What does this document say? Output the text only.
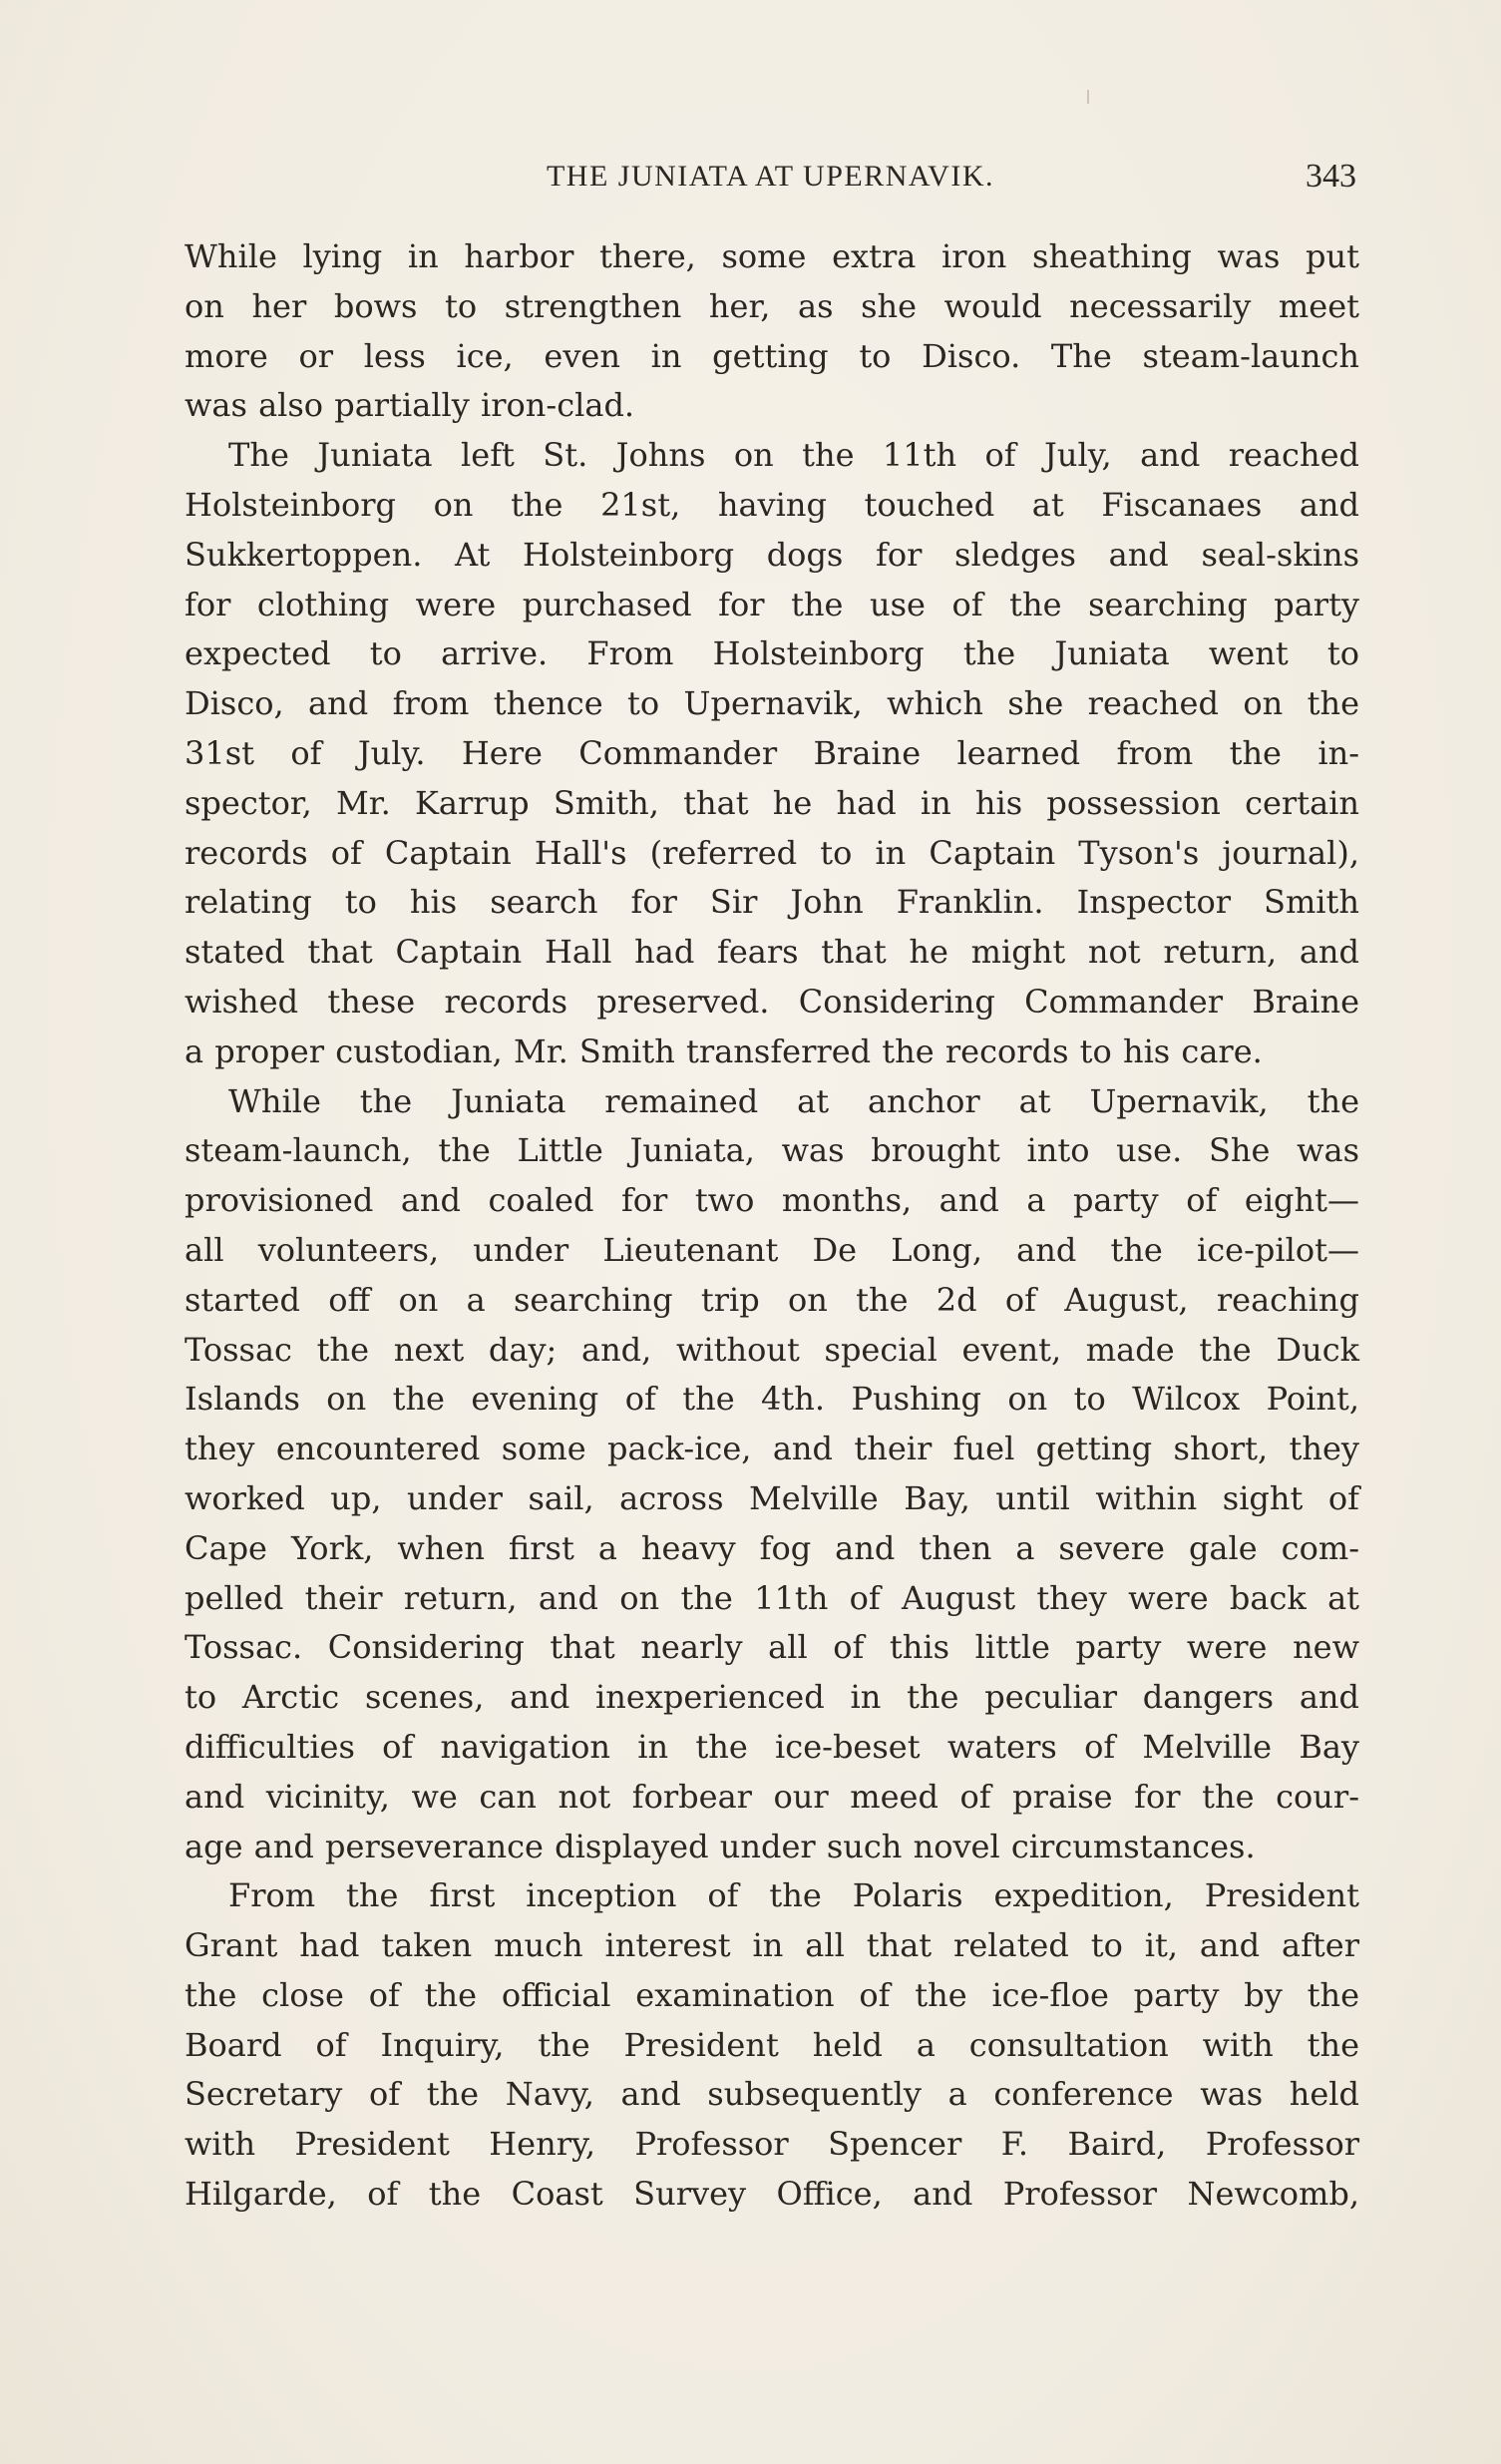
THE JUNIATA AT UPERNAVIK.	343
While lying in harbor there, some extra iron sheathing was put
on her bows to strengthen her, as she would necessarily meet
more or less ice, even in getting to Disco. The steam-launch
was also partially iron-clad.
The Juniata left St. Johns on the 11th of July, and reached
Holsteinborg on the 21st, having touched at Fiscanaes and
Sukkertoppen. At Holsteinborg dogs for sledges and seal-skins
for clothing were purchased for the use of the searching party
expected to arrive. From Holsteinborg the Juniata went to
Disco, and from thence to Upernavik, which she reached on the
31st of July. Here Commander Braine learned from the in-
spector, Mr. Karrup Smith, that he had in his possession certain
records of Captain Hall's (referred to in Captain Tyson's journal),
relating to his search for Sir John Franklin. Inspector Smith
stated that Captain Hall had fears that he might not return, and
wished these records preserved. Considering Commander Braine
a proper custodian, Mr. Smith transferred the records to his care.
While the Juniata remained at anchor at Upernavik, the
steam-launch, the Little Juniata, was brought into use. She was
provisioned and coaled for two months, and a party of eight—
all volunteers, under Lieutenant De Long, and the ice-pilot—
started off on a searching trip on the 2d of August, reaching
Tossac the next day; and, without special event, made the Duck
Islands on the evening of the 4th. Pushing on to Wilcox Point,
they encountered some pack-ice, and their fuel getting short, they
worked up, under sail, across Melville Bay, until within sight of
Cape York, when first a heavy fog and then a severe gale com-
pelled their return, and on the 11th of August they were back at
Tossac. Considering that nearly all of this little party were new
to Arctic scenes, and inexperienced in the peculiar dangers and
difficulties of navigation in the ice-beset waters of Melville Bay
and vicinity, we can not forbear our meed of praise for the cour-
age and perseverance displayed under such novel circumstances.
From the first inception of the Polaris expedition, President
Grant had taken much interest in all that related to it, and after
the close of the official examination of the ice-floe party by the
Board of Inquiry, the President held a consultation with the
Secretary of the Navy, and subsequently a conference was held
with President Henry, Professor Spencer F. Baird, Professor
Hilgarde, of the Coast Survey Office, and Professor Newcomb,
